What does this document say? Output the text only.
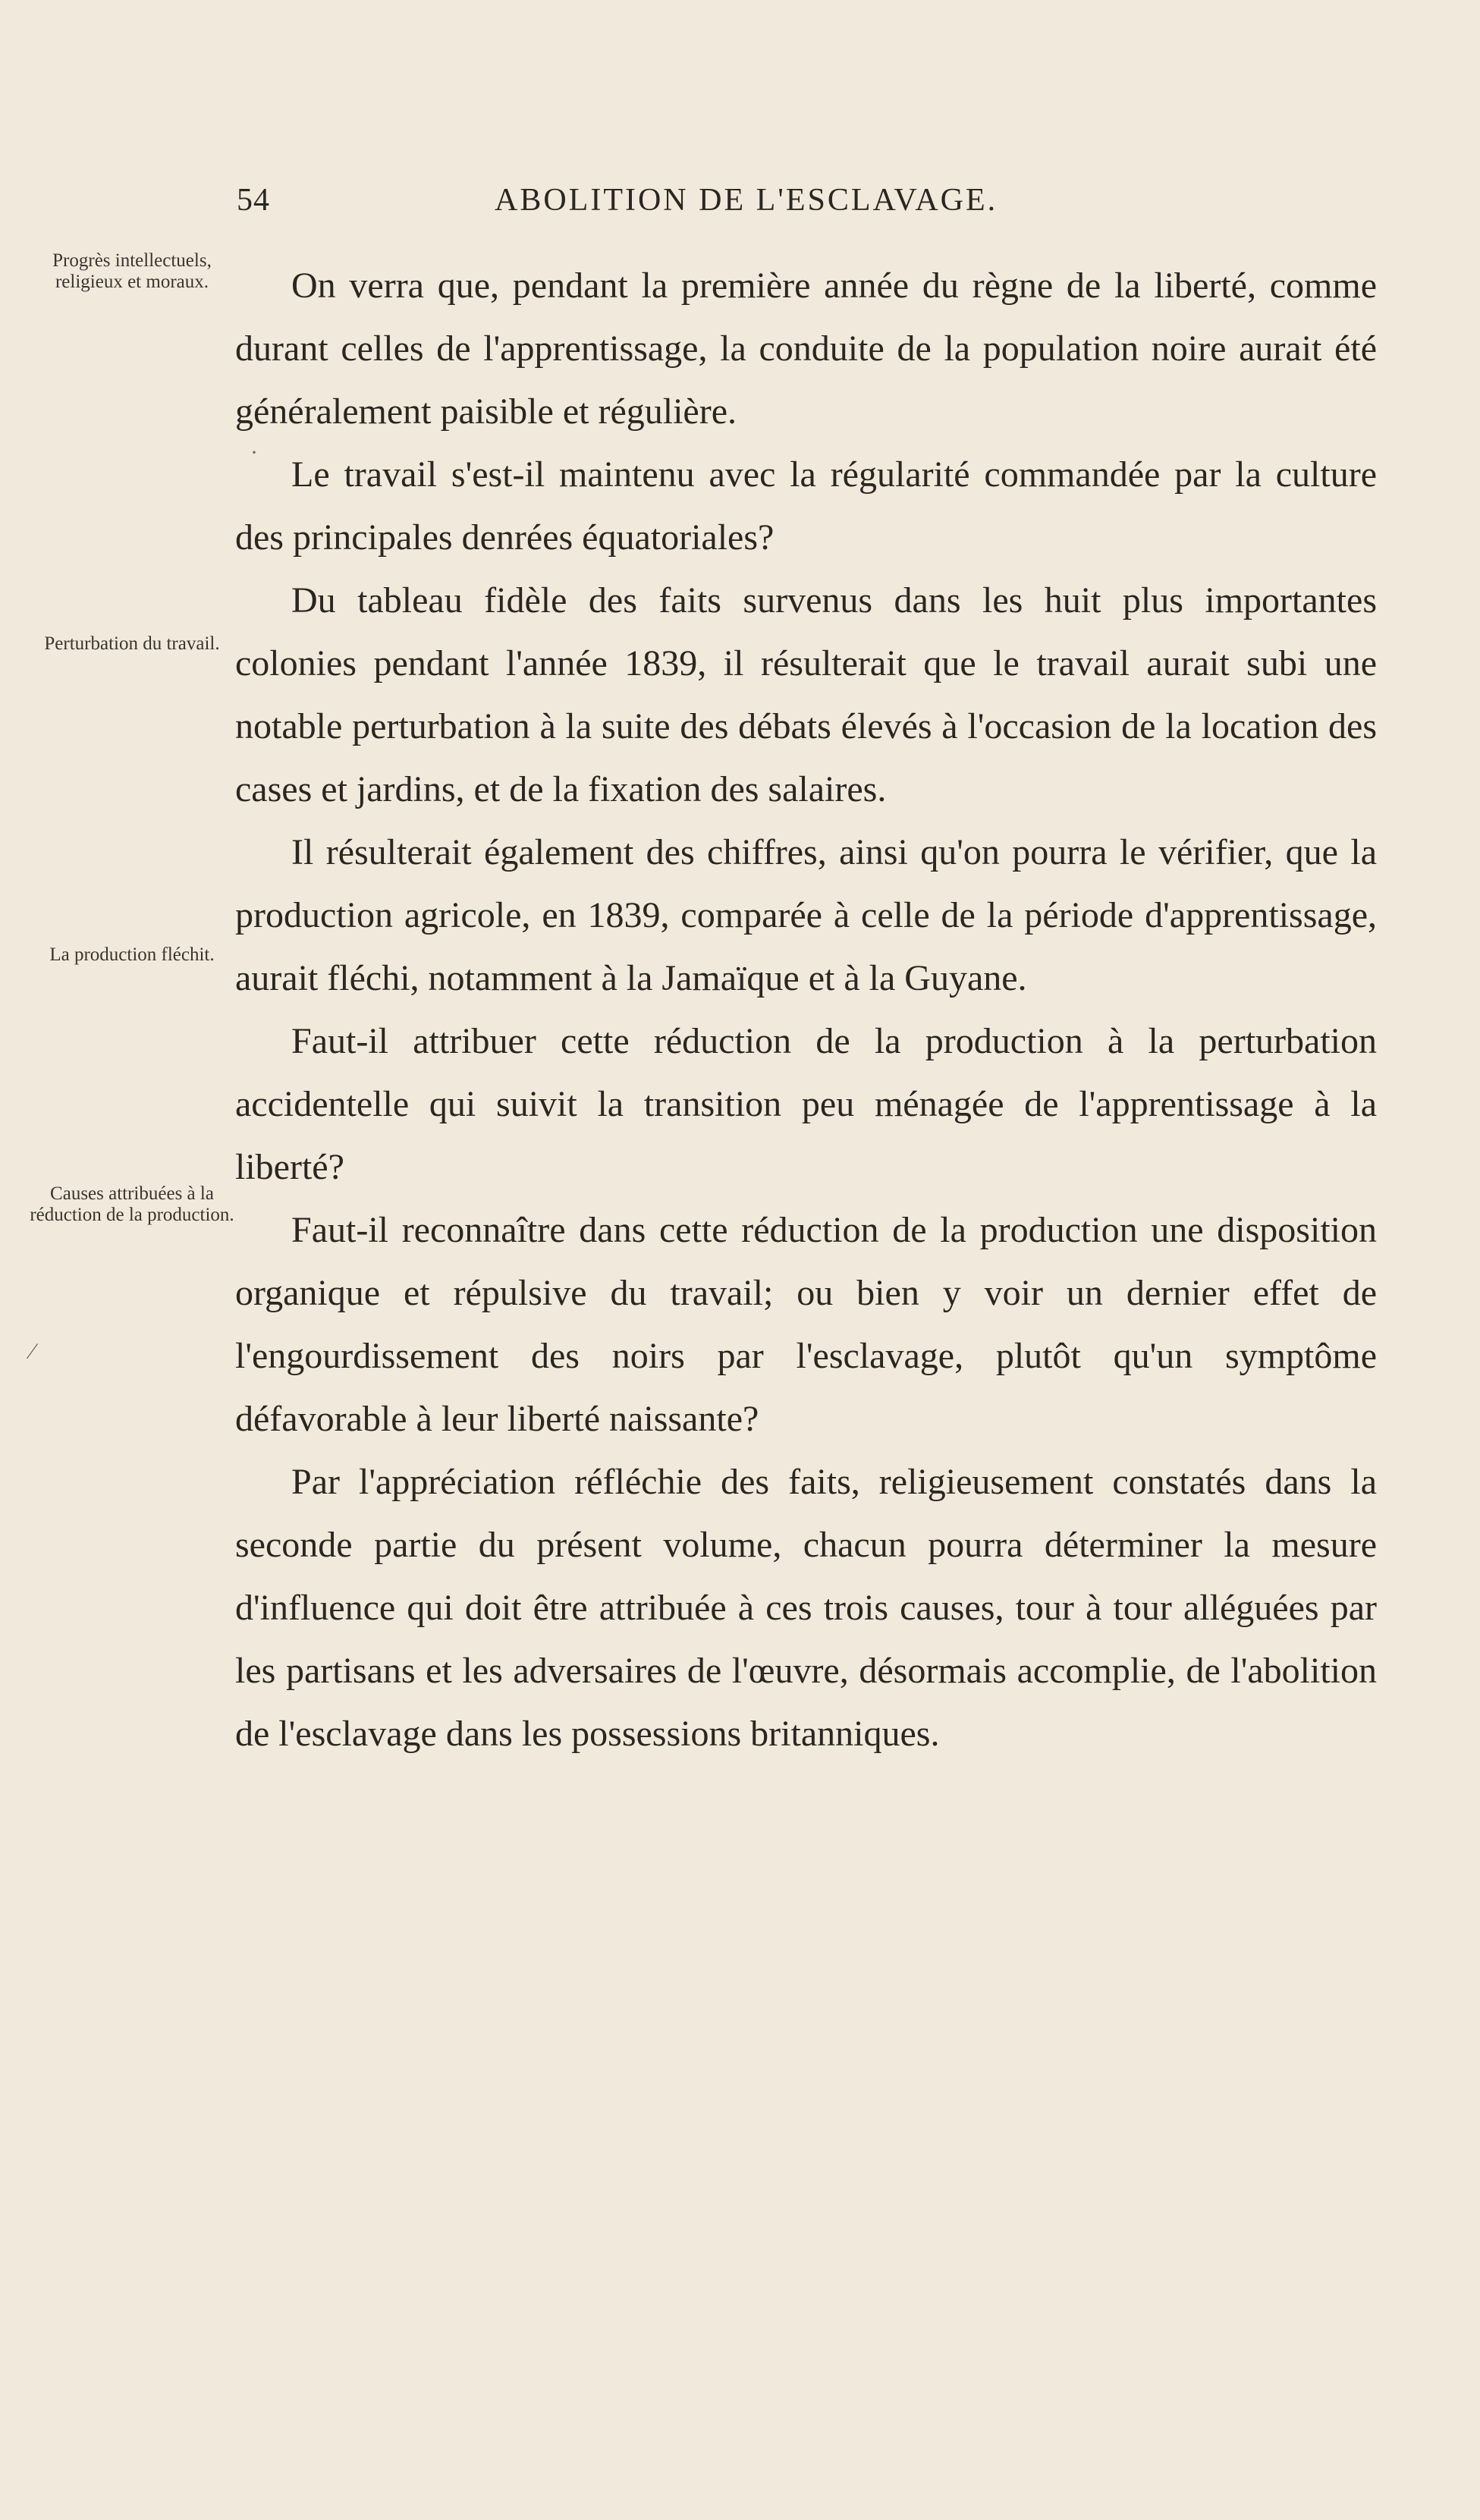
54	ABOLITION DE L'ESCLAVAGE.
Progrès intellectuels, religieux et moraux.
Perturbation du travail.
La production fléchit.
Causes attribuées à la réduction de la production.
·
∕

On verra que, pendant la première année du règne de la liberté, comme durant celles de l'apprentissage, la conduite de la population noire aurait été généralement paisible et régulière.

Le travail s'est-il maintenu avec la régularité commandée par la culture des principales denrées équatoriales?

Du tableau fidèle des faits survenus dans les huit plus importantes colonies pendant l'année 1839, il résulterait que le travail aurait subi une notable perturbation à la suite des débats élevés à l'occasion de la location des cases et jardins, et de la fixation des salaires.

Il résulterait également des chiffres, ainsi qu'on pourra le vérifier, que la production agricole, en 1839, comparée à celle de la période d'apprentissage, aurait fléchi, notamment à la Jamaïque et à la Guyane.

Faut-il attribuer cette réduction de la production à la perturbation accidentelle qui suivit la transition peu ménagée de l'apprentissage à la liberté?

Faut-il reconnaître dans cette réduction de la production une disposition organique et répulsive du travail; ou bien y voir un dernier effet de l'engourdissement des noirs par l'esclavage, plutôt qu'un symptôme défavorable à leur liberté naissante?

Par l'appréciation réfléchie des faits, religieusement constatés dans la seconde partie du présent volume, chacun pourra déterminer la mesure d'influence qui doit être attribuée à ces trois causes, tour à tour alléguées par les partisans et les adversaires de l'œuvre, désormais accomplie, de l'abolition de l'esclavage dans les possessions britanniques.
